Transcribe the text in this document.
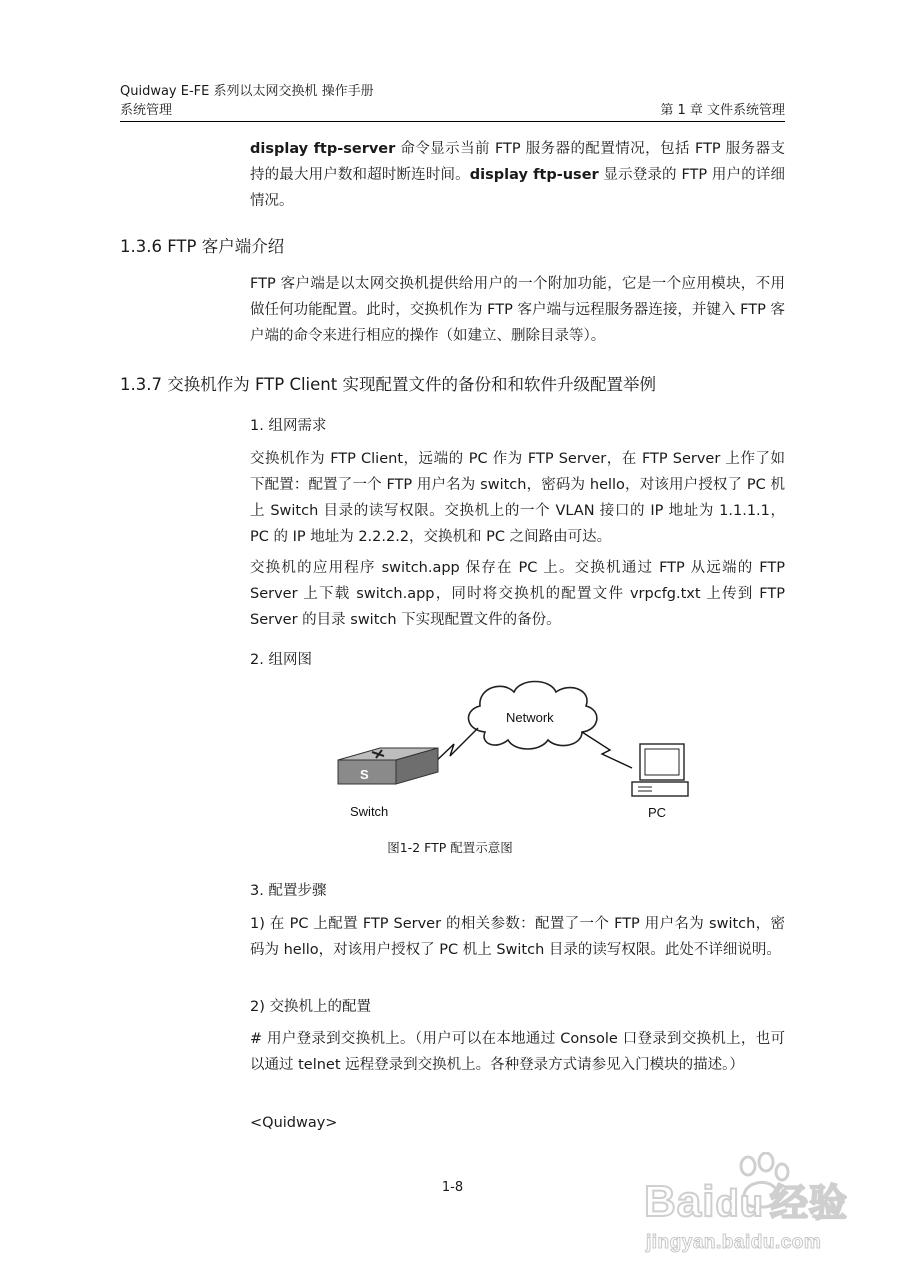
Quidway E-FE 系列以太网交换机 操作手册
系统管理	第 1 章 文件系统管理
display ftp-server 命令显示当前 FTP 服务器的配置情况，包括 FTP 服务器支持的最大用户数和超时断连时间。display ftp-user 显示登录的 FTP 用户的详细情况。
1.3.6 FTP 客户端介绍
FTP 客户端是以太网交换机提供给用户的一个附加功能，它是一个应用模块，不用做任何功能配置。此时，交换机作为 FTP 客户端与远程服务器连接，并键入 FTP 客户端的命令来进行相应的操作（如建立、删除目录等）。
1.3.7 交换机作为 FTP Client 实现配置文件的备份和和软件升级配置举例
1. 组网需求
交换机作为 FTP Client，远端的 PC 作为 FTP Server，在 FTP Server 上作了如下配置：配置了一个 FTP 用户名为 switch，密码为 hello，对该用户授权了 PC 机上 Switch 目录的读写权限。交换机上的一个 VLAN 接口的 IP 地址为 1.1.1.1，PC 的 IP 地址为 2.2.2.2，交换机和 PC 之间路由可达。
交换机的应用程序 switch.app 保存在 PC 上。交换机通过 FTP 从远端的 FTP Server 上下载 switch.app，同时将交换机的配置文件 vrpcfg.txt 上传到 FTP Server 的目录 switch 下实现配置文件的备份。
2. 组网图
Network
S
Switch	PC
图1-2 FTP 配置示意图
3. 配置步骤
1) 在 PC 上配置 FTP Server 的相关参数：配置了一个 FTP 用户名为 switch，密码为 hello，对该用户授权了 PC 机上 Switch 目录的读写权限。此处不详细说明。
2) 交换机上的配置
# 用户登录到交换机上。（用户可以在本地通过 Console 口登录到交换机上，也可以通过 telnet 远程登录到交换机上。各种登录方式请参见入门模块的描述。）
<Quidway>
1-8	Baidu 经验
jingyan.baidu.com
